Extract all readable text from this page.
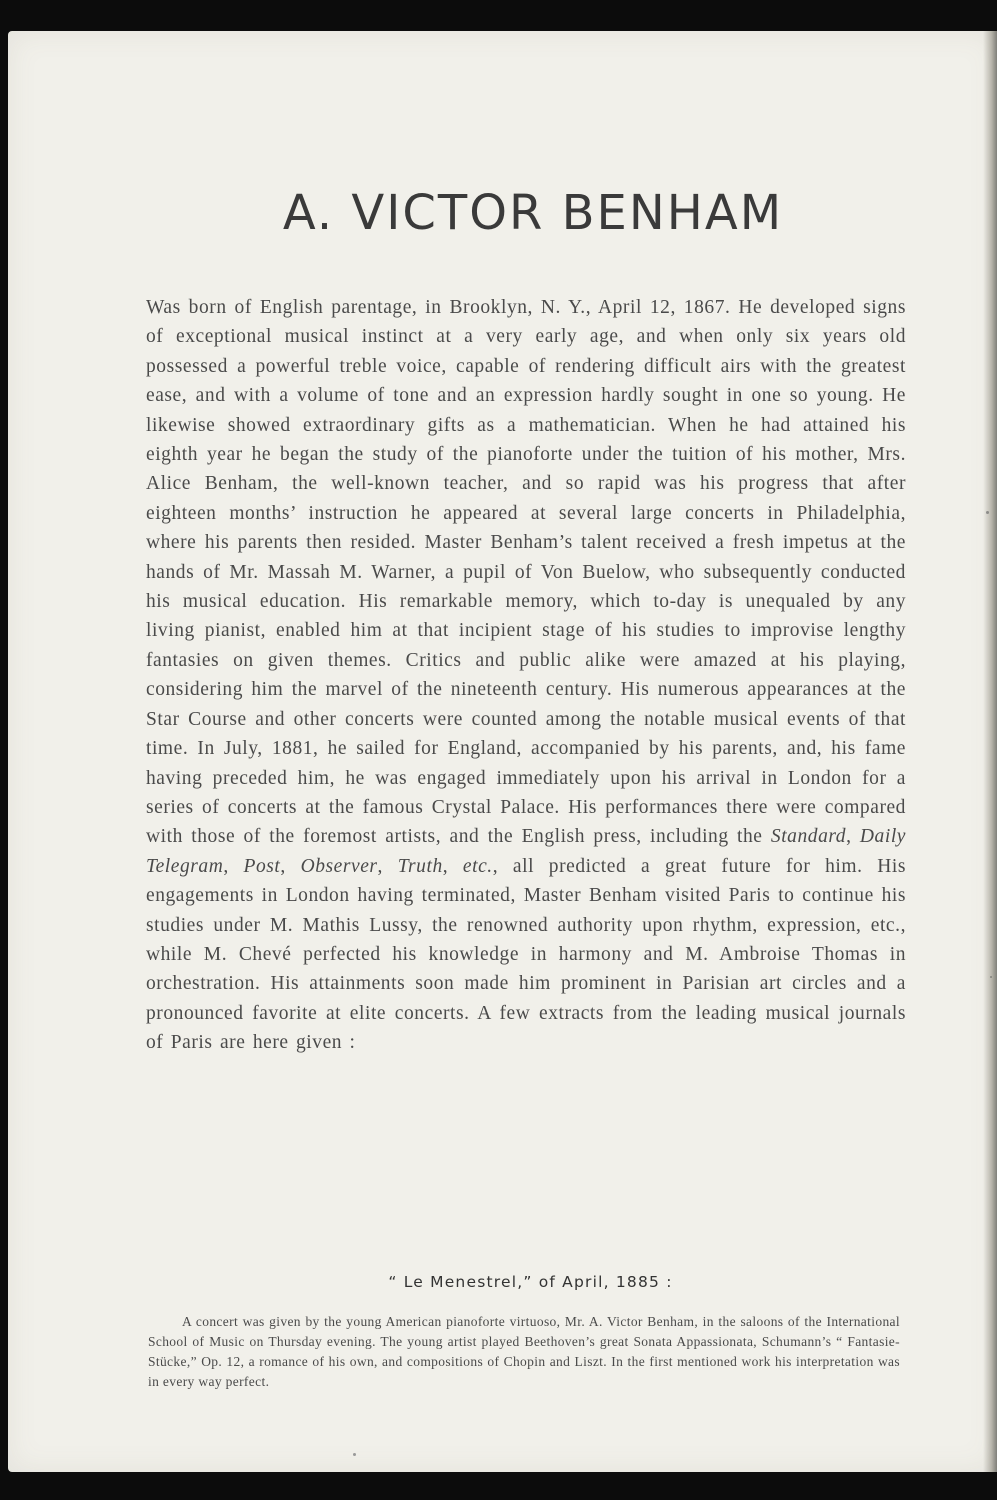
A. VICTOR BENHAM

Was born of English parentage, in Brooklyn, N. Y., April 12, 1867. He developed signs of exceptional musical instinct at a very early age, and when only six years old possessed a powerful treble voice, capable of rendering difficult airs with the greatest ease, and with a volume of tone and an expression hardly sought in one so young. He likewise showed extraordinary gifts as a mathematician. When he had attained his eighth year he began the study of the pianoforte under the tuition of his mother, Mrs. Alice Benham, the well-known teacher, and so rapid was his progress that after eighteen months’ instruction he appeared at several large concerts in Philadelphia, where his parents then resided. Master Benham’s talent received a fresh impetus at the hands of Mr. Massah M. Warner, a pupil of Von Buelow, who subsequently conducted his musical education. His remarkable memory, which to-day is unequaled by any living pianist, enabled him at that incipient stage of his studies to improvise lengthy fantasies on given themes. Critics and public alike were amazed at his playing, considering him the marvel of the nineteenth century. His numerous appearances at the Star Course and other concerts were counted among the notable musical events of that time. In July, 1881, he sailed for England, accompanied by his parents, and, his fame having preceded him, he was engaged immediately upon his arrival in London for a series of concerts at the famous Crystal Palace. His performances there were compared with those of the foremost artists, and the English press, including the Standard, Daily Telegram, Post, Observer, Truth, etc., all predicted a great future for him. His engagements in London having terminated, Master Benham visited Paris to continue his studies under M. Mathis Lussy, the renowned authority upon rhythm, expression, etc., while M. Chevé perfected his knowledge in harmony and M. Ambroise Thomas in orchestration. His attainments soon made him prominent in Parisian art circles and a pronounced favorite at elite concerts. A few extracts from the leading musical journals of Paris are here given :

“ Le Menestrel,” of April, 1885 :

A concert was given by the young American pianoforte virtuoso, Mr. A. Victor Benham, in the saloons of the International School of Music on Thursday evening. The young artist played Beethoven’s great Sonata Appassionata, Schumann’s “ Fantasie-Stücke,” Op. 12, a romance of his own, and compositions of Chopin and Liszt. In the first mentioned work his interpretation was in every way perfect.
